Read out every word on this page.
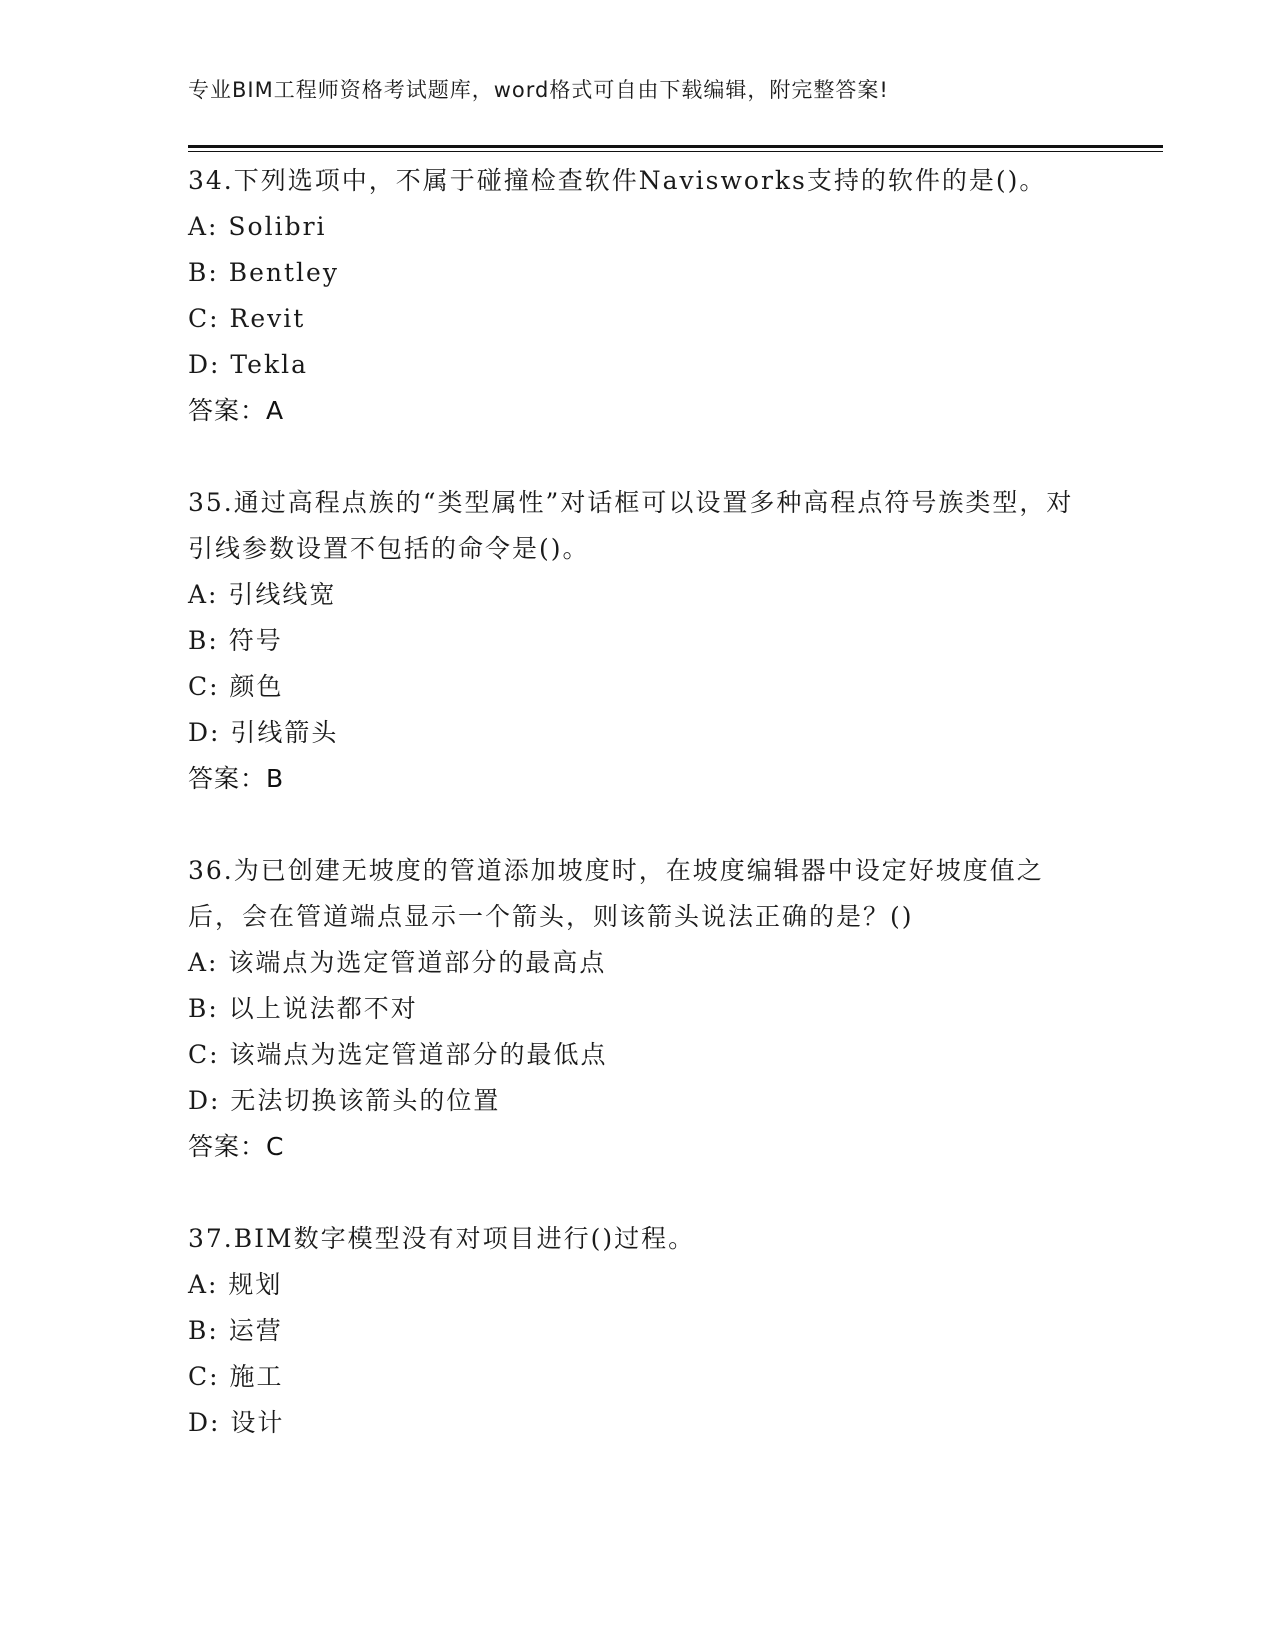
专业BIM工程师资格考试题库，word格式可自由下载编辑，附完整答案!

34.下列选项中，不属于碰撞检查软件Navisworks支持的软件的是()。

A: Solibri
B: Bentley
C: Revit
D: Tekla
答案：A

35.通过高程点族的“类型属性”对话框可以设置多种高程点符号族类型，对引线参数设置不包括的命令是()。

A: 引线线宽
B: 符号
C: 颜色
D: 引线箭头
答案：B

36.为已创建无坡度的管道添加坡度时，在坡度编辑器中设定好坡度值之后，会在管道端点显示一个箭头，则该箭头说法正确的是？()

A: 该端点为选定管道部分的最高点
B: 以上说法都不对
C: 该端点为选定管道部分的最低点
D: 无法切换该箭头的位置
答案：C

37.BIM数字模型没有对项目进行()过程。

A: 规划
B: 运营
C: 施工
D: 设计
